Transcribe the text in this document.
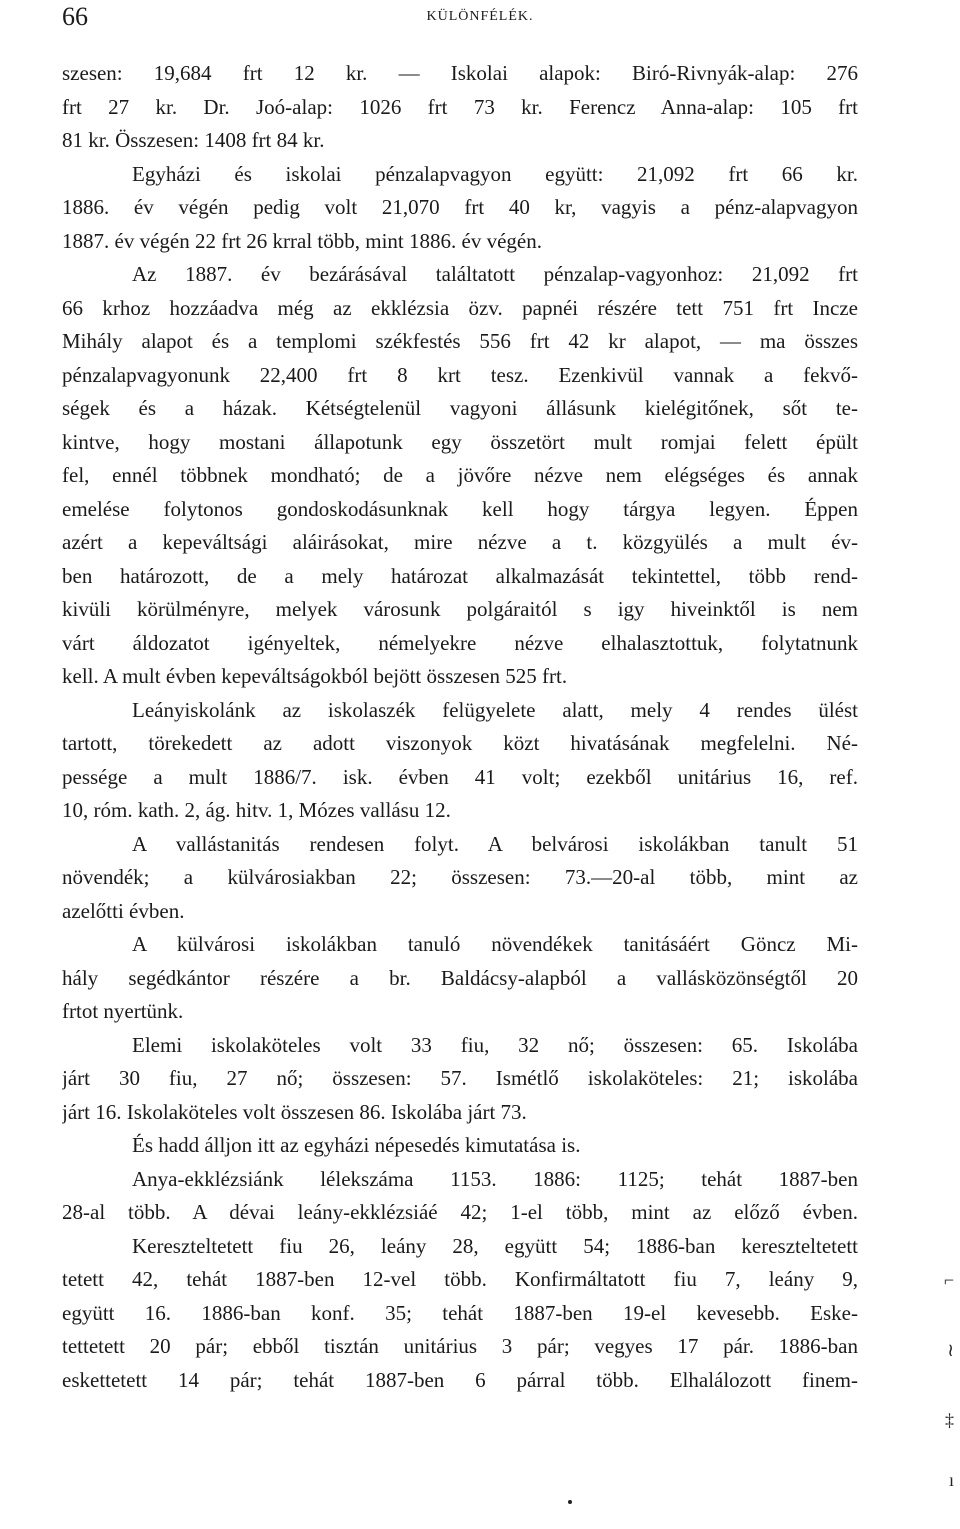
66	KÜLÖNFÉLÉK.
szesen: 19,684 frt 12 kr. — Iskolai alapok: Biró-Rivnyák-alap: 276
frt 27 kr. Dr. Joó-alap: 1026 frt 73 kr. Ferencz Anna-alap: 105 frt
81 kr. Összesen: 1408 frt 84 kr.
Egyházi és iskolai pénzalapvagyon együtt: 21,092 frt 66 kr.
1886. év végén pedig volt 21,070 frt 40 kr, vagyis a pénz-alapvagyon
1887. év végén 22 frt 26 krral több, mint 1886. év végén.
Az 1887. év bezárásával találtatott pénzalap-vagyonhoz: 21,092 frt
66 krhoz hozzáadva még az ekklézsia özv. papnéi részére tett 751 frt Incze
Mihály alapot és a templomi székfestés 556 frt 42 kr alapot, — ma összes
pénzalapvagyonunk 22,400 frt 8 krt tesz. Ezenkivül vannak a fekvő-
ségek és a házak. Kétségtelenül vagyoni állásunk kielégitőnek, sőt te-
kintve, hogy mostani állapotunk egy összetört mult romjai felett épült
fel, ennél többnek mondható; de a jövőre nézve nem elégséges és annak
emelése folytonos gondoskodásunknak kell hogy tárgya legyen. Éppen
azért a kepeváltsági aláirásokat, mire nézve a t. közgyülés a mult év-
ben határozott, de a mely határozat alkalmazását tekintettel, több rend-
kivüli körülményre, melyek városunk polgáraitól s igy hiveinktől is nem
várt áldozatot igényeltek, némelyekre nézve elhalasztottuk, folytatnunk
kell. A mult évben kepeváltságokból bejött összesen 525 frt.
Leányiskolánk az iskolaszék felügyelete alatt, mely 4 rendes ülést
tartott, törekedett az adott viszonyok közt hivatásának megfelelni. Né-
pessége a mult 1886/7. isk. évben 41 volt; ezekből unitárius 16, ref.
10, róm. kath. 2, ág. hitv. 1, Mózes vallásu 12.
A vallástanitás rendesen folyt. A belvárosi iskolákban tanult 51
növendék; a külvárosiakban 22; összesen: 73.—20-al több, mint az
azelőtti évben.
A külvárosi iskolákban tanuló növendékek tanitásáért Göncz Mi-
hály segédkántor részére a br. Baldácsy-alapból a vallásközönségtől 20
frtot nyertünk.
Elemi iskolaköteles volt 33 fiu, 32 nő; összesen: 65. Iskolába
járt 30 fiu, 27 nő; összesen: 57. Ismétlő iskolaköteles: 21; iskolába
járt 16. Iskolaköteles volt összesen 86. Iskolába járt 73.
És hadd álljon itt az egyházi népesedés kimutatása is.
Anya-ekklézsiánk lélekszáma 1153. 1886: 1125; tehát 1887-ben
28-al több. A dévai leány-ekklézsiáé 42; 1-el több, mint az előző évben.
Kereszteltetett fiu 26, leány 28, együtt 54; 1886-ban kereszteltetett
tetett 42, tehát 1887-ben 12-vel több. Konfirmáltatott fiu 7, leány 9,
együtt 16. 1886-ban konf. 35; tehát 1887-ben 19-el kevesebb. Eske-
tettetett 20 pár; ebből tisztán unitárius 3 pár; vegyes 17 pár. 1886-ban
eskettetett 14 pár; tehát 1887-ben 6 párral több. Elhalálozott finem-
⌐
≀
‡
ı
